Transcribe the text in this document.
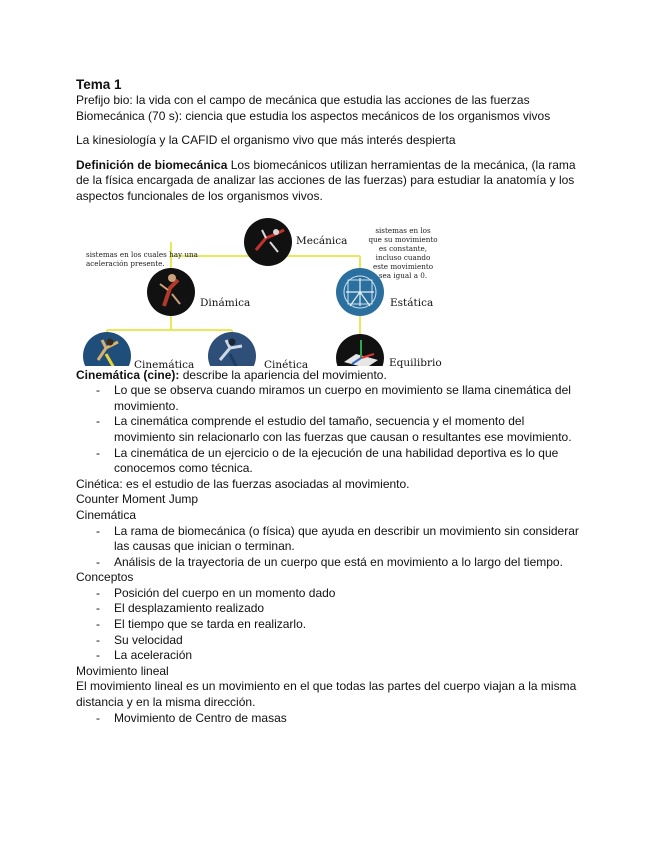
Tema 1

Prefijo bio: la vida con el campo de mecánica que estudia las acciones de las fuerzas

Biomecánica (70 s): ciencia que estudia los aspectos mecánicos de los organismos vivos

La kinesiología y la CAFID el organismo vivo que más interés despierta

Definición de biomecánica Los biomecánicos utilizan herramientas de la mecánica, (la rama de la física encargada de analizar las acciones de las fuerzas) para estudiar la anatomía y los aspectos funcionales de los organismos vivos.

Mecánica
Dinámica	Estática
Cinemática	Cinética	Equilibrio
sistemas en los cuales hay una aceleración presente.
sistemas en los que su movimiento es constante, incluso cuando este movimiento sea igual a 0.

Cinemática (cine): describe la apariencia del movimiento.

- Lo que se observa cuando miramos un cuerpo en movimiento se llama cinemática del movimiento.
- La cinemática comprende el estudio del tamaño, secuencia y el momento del movimiento sin relacionarlo con las fuerzas que causan o resultantes ese movimiento.
- La cinemática de un ejercicio o de la ejecución de una habilidad deportiva es lo que conocemos como técnica.

Cinética: es el estudio de las fuerzas asociadas al movimiento.

Counter Moment Jump

Cinemática

- La rama de biomecánica (o física) que ayuda en describir un movimiento sin considerar las causas que inician o terminan.
- Análisis de la trayectoria de un cuerpo que está en movimiento a lo largo del tiempo.

Conceptos

- Posición del cuerpo en un momento dado
- El desplazamiento realizado
- El tiempo que se tarda en realizarlo.
- Su velocidad
- La aceleración

Movimiento lineal

El movimiento lineal es un movimiento en el que todas las partes del cuerpo viajan a la misma distancia y en la misma dirección.

- Movimiento de Centro de masas
